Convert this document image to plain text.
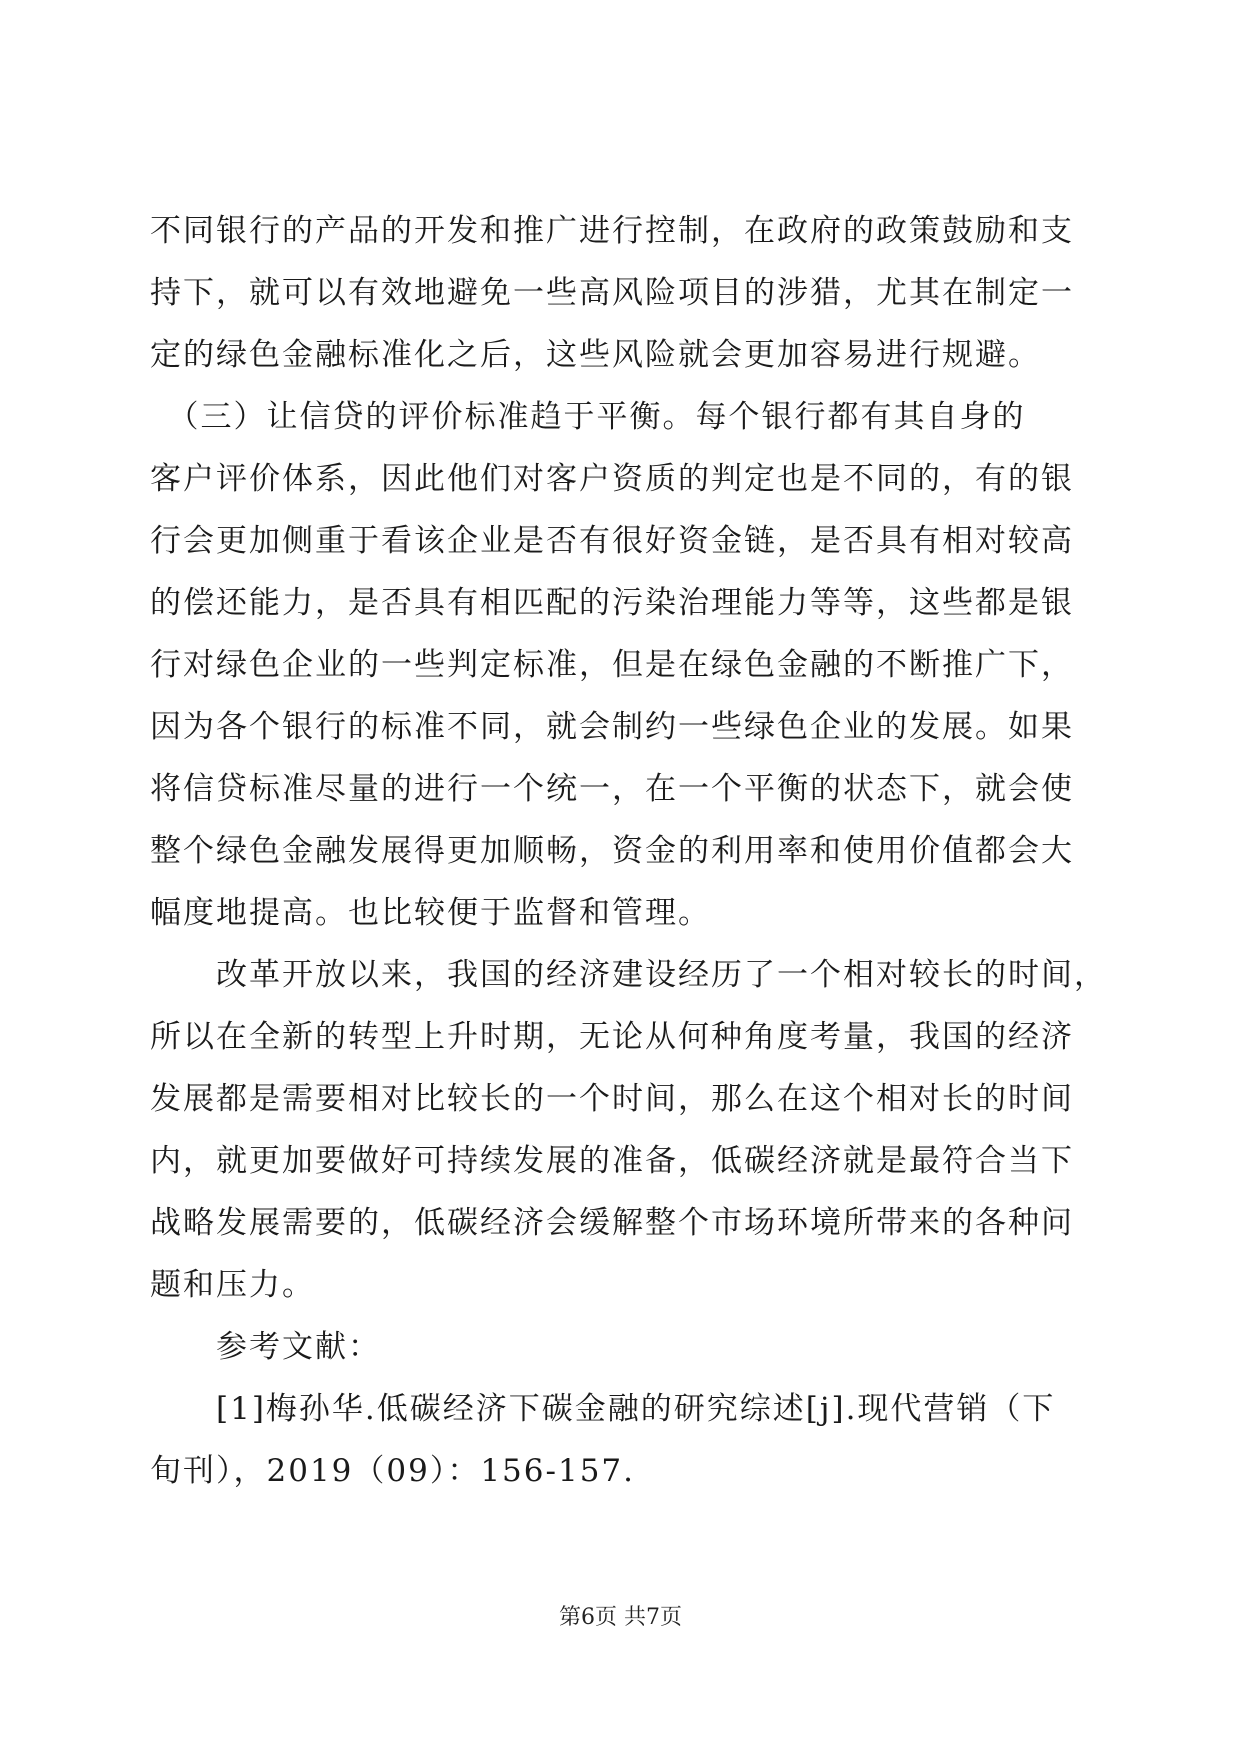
不同银行的产品的开发和推广进行控制，在政府的政策鼓励和支
持下，就可以有效地避免一些高风险项目的涉猎，尤其在制定一
定的绿色金融标准化之后，这些风险就会更加容易进行规避。
　（三）让信贷的评价标准趋于平衡。每个银行都有其自身的
客户评价体系，因此他们对客户资质的判定也是不同的，有的银
行会更加侧重于看该企业是否有很好资金链，是否具有相对较高
的偿还能力，是否具有相匹配的污染治理能力等等，这些都是银
行对绿色企业的一些判定标准，但是在绿色金融的不断推广下，
因为各个银行的标准不同，就会制约一些绿色企业的发展。如果
将信贷标准尽量的进行一个统一，在一个平衡的状态下，就会使
整个绿色金融发展得更加顺畅，资金的利用率和使用价值都会大
幅度地提高。也比较便于监督和管理。
　　改革开放以来，我国的经济建设经历了一个相对较长的时间，
所以在全新的转型上升时期，无论从何种角度考量，我国的经济
发展都是需要相对比较长的一个时间，那么在这个相对长的时间
内，就更加要做好可持续发展的准备，低碳经济就是最符合当下
战略发展需要的，低碳经济会缓解整个市场环境所带来的各种问
题和压力。
　　参考文献：
　　[1]梅孙华.低碳经济下碳金融的研究综述[j].现代营销（下
旬刊），2019（09）：156-157.
第6页 共7页
